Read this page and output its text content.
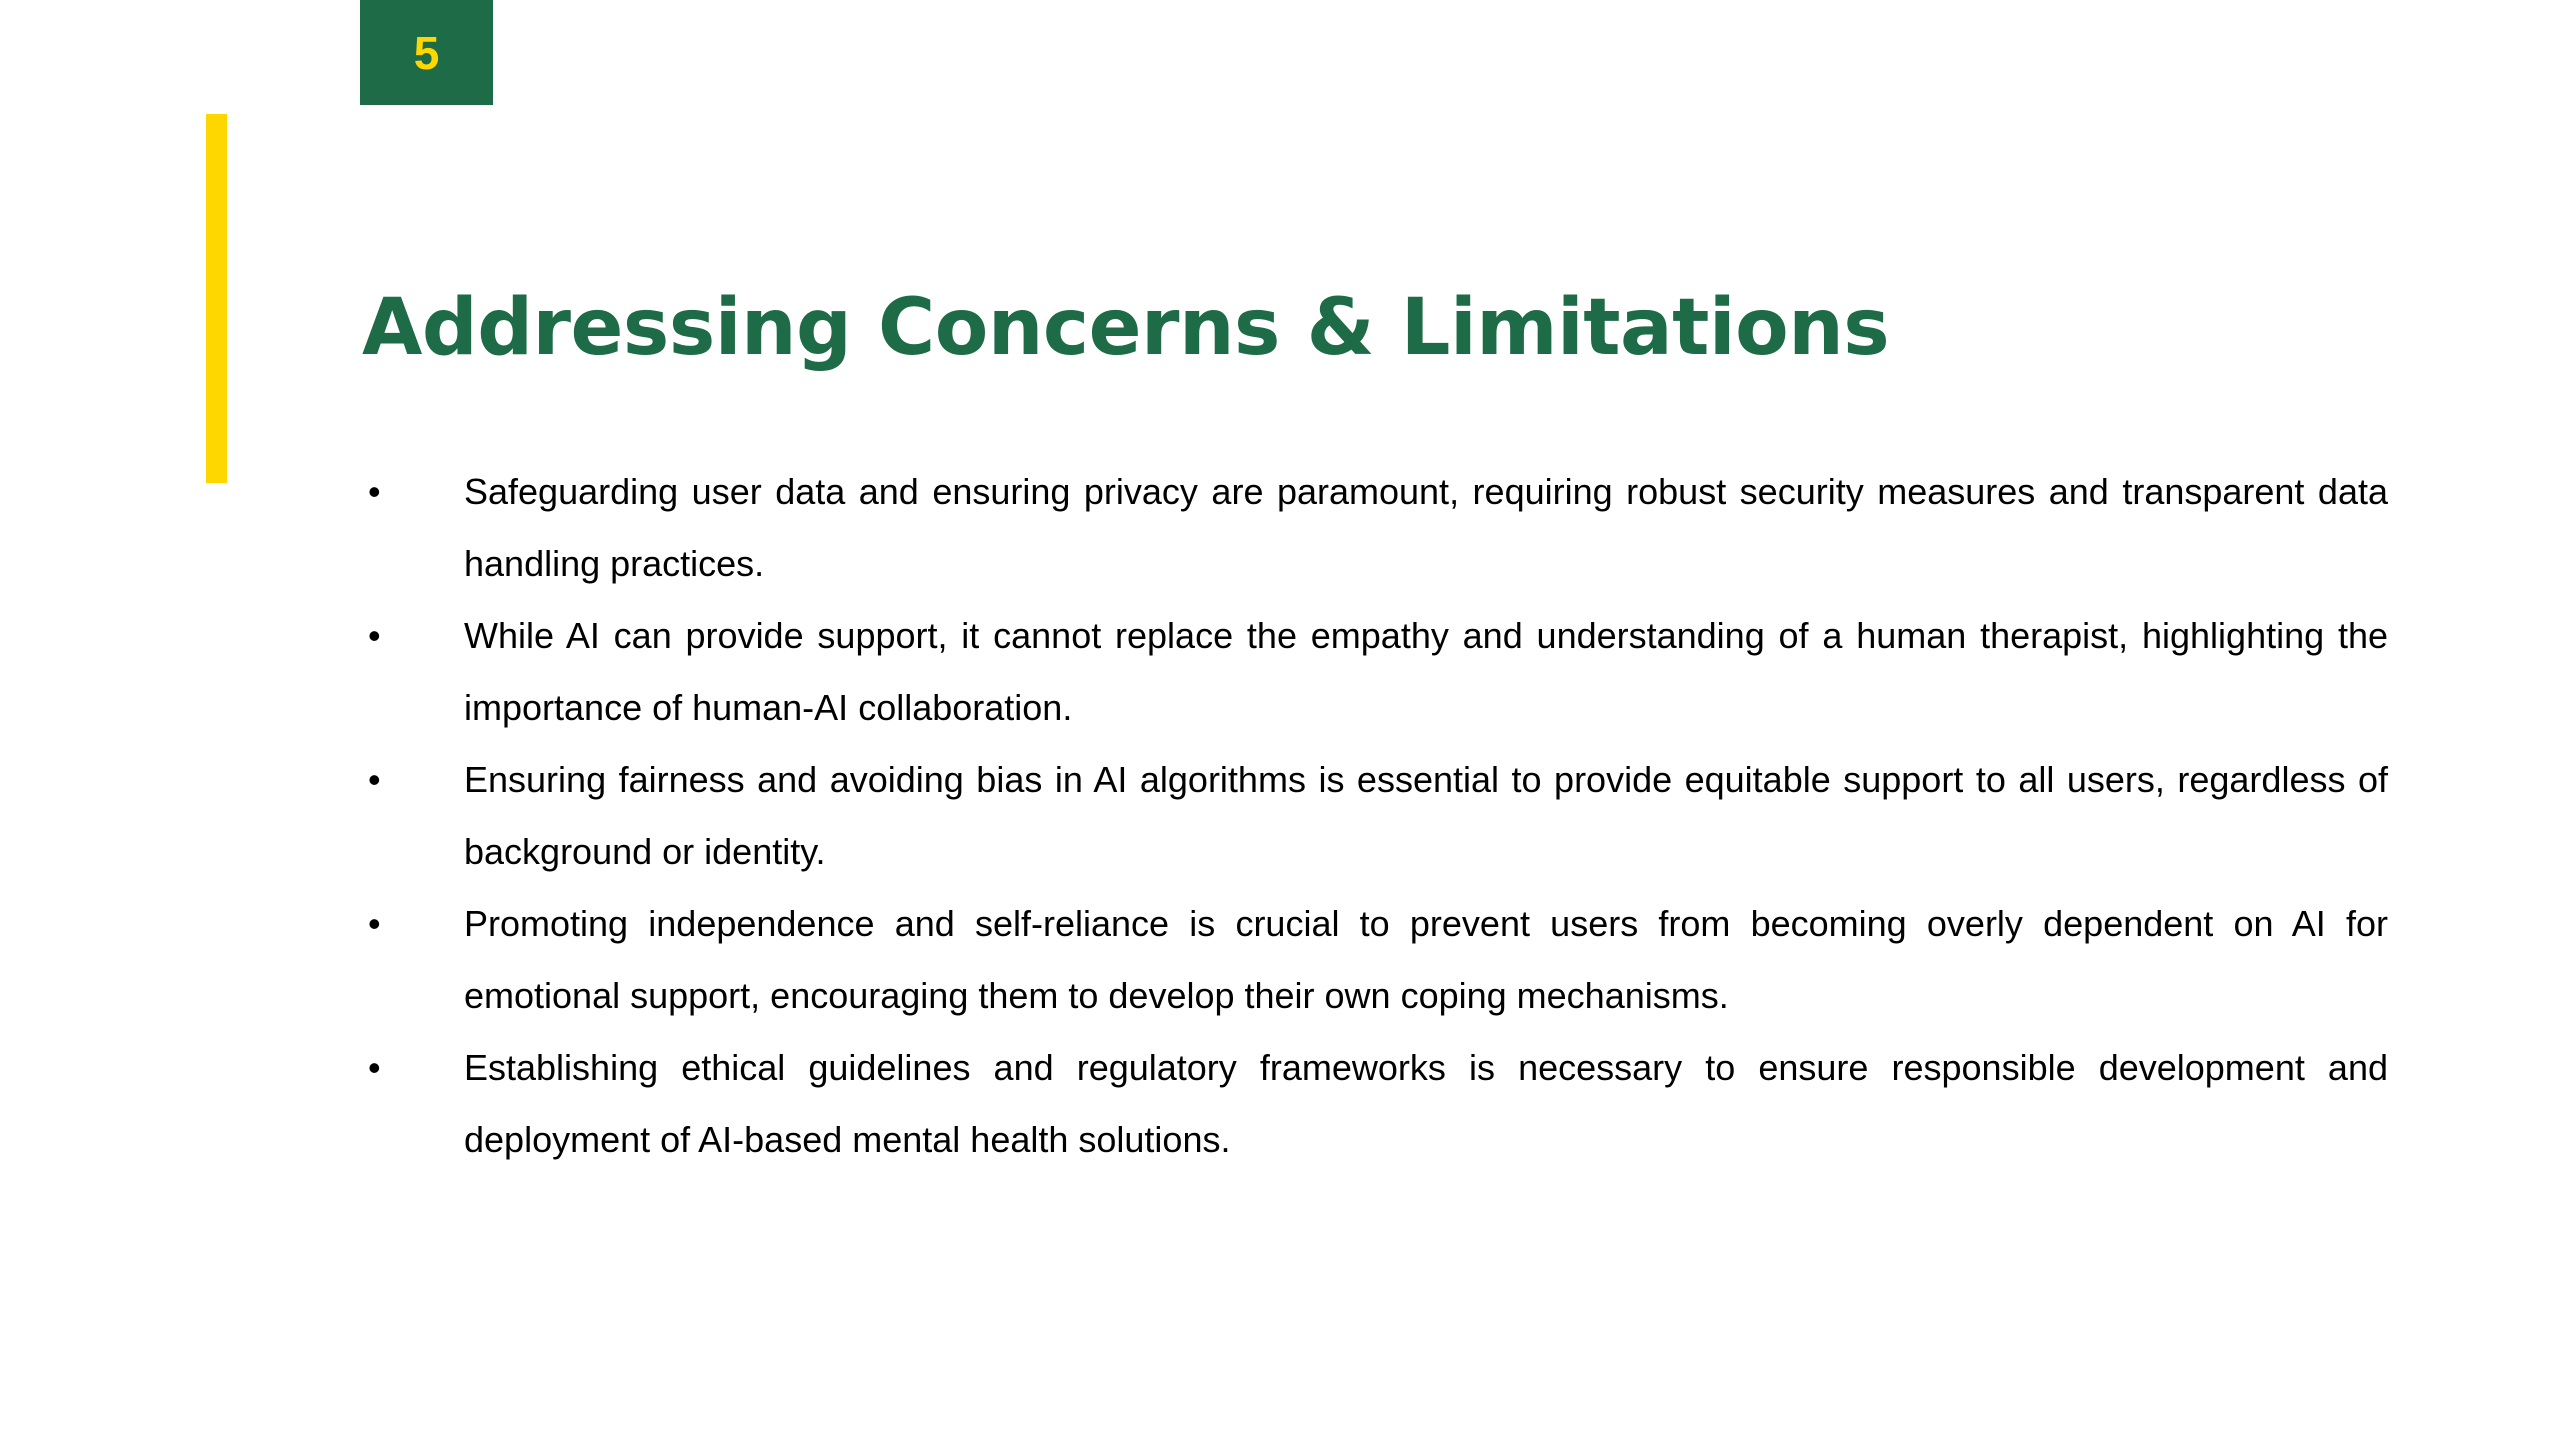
5
Addressing Concerns & Limitations
•	Safeguarding user data and ensuring privacy are paramount, requiring robust security measures and transparent data handling practices.
•	While AI can provide support, it cannot replace the empathy and understanding of a human therapist, highlighting the importance of human-AI collaboration.
•	Ensuring fairness and avoiding bias in AI algorithms is essential to provide equitable support to all users, regardless of background or identity.
•	Promoting independence and self-reliance is crucial to prevent users from becoming overly dependent on AI for emotional support, encouraging them to develop their own coping mechanisms.
•	Establishing ethical guidelines and regulatory frameworks is necessary to ensure responsible development and deployment of AI-based mental health solutions.
